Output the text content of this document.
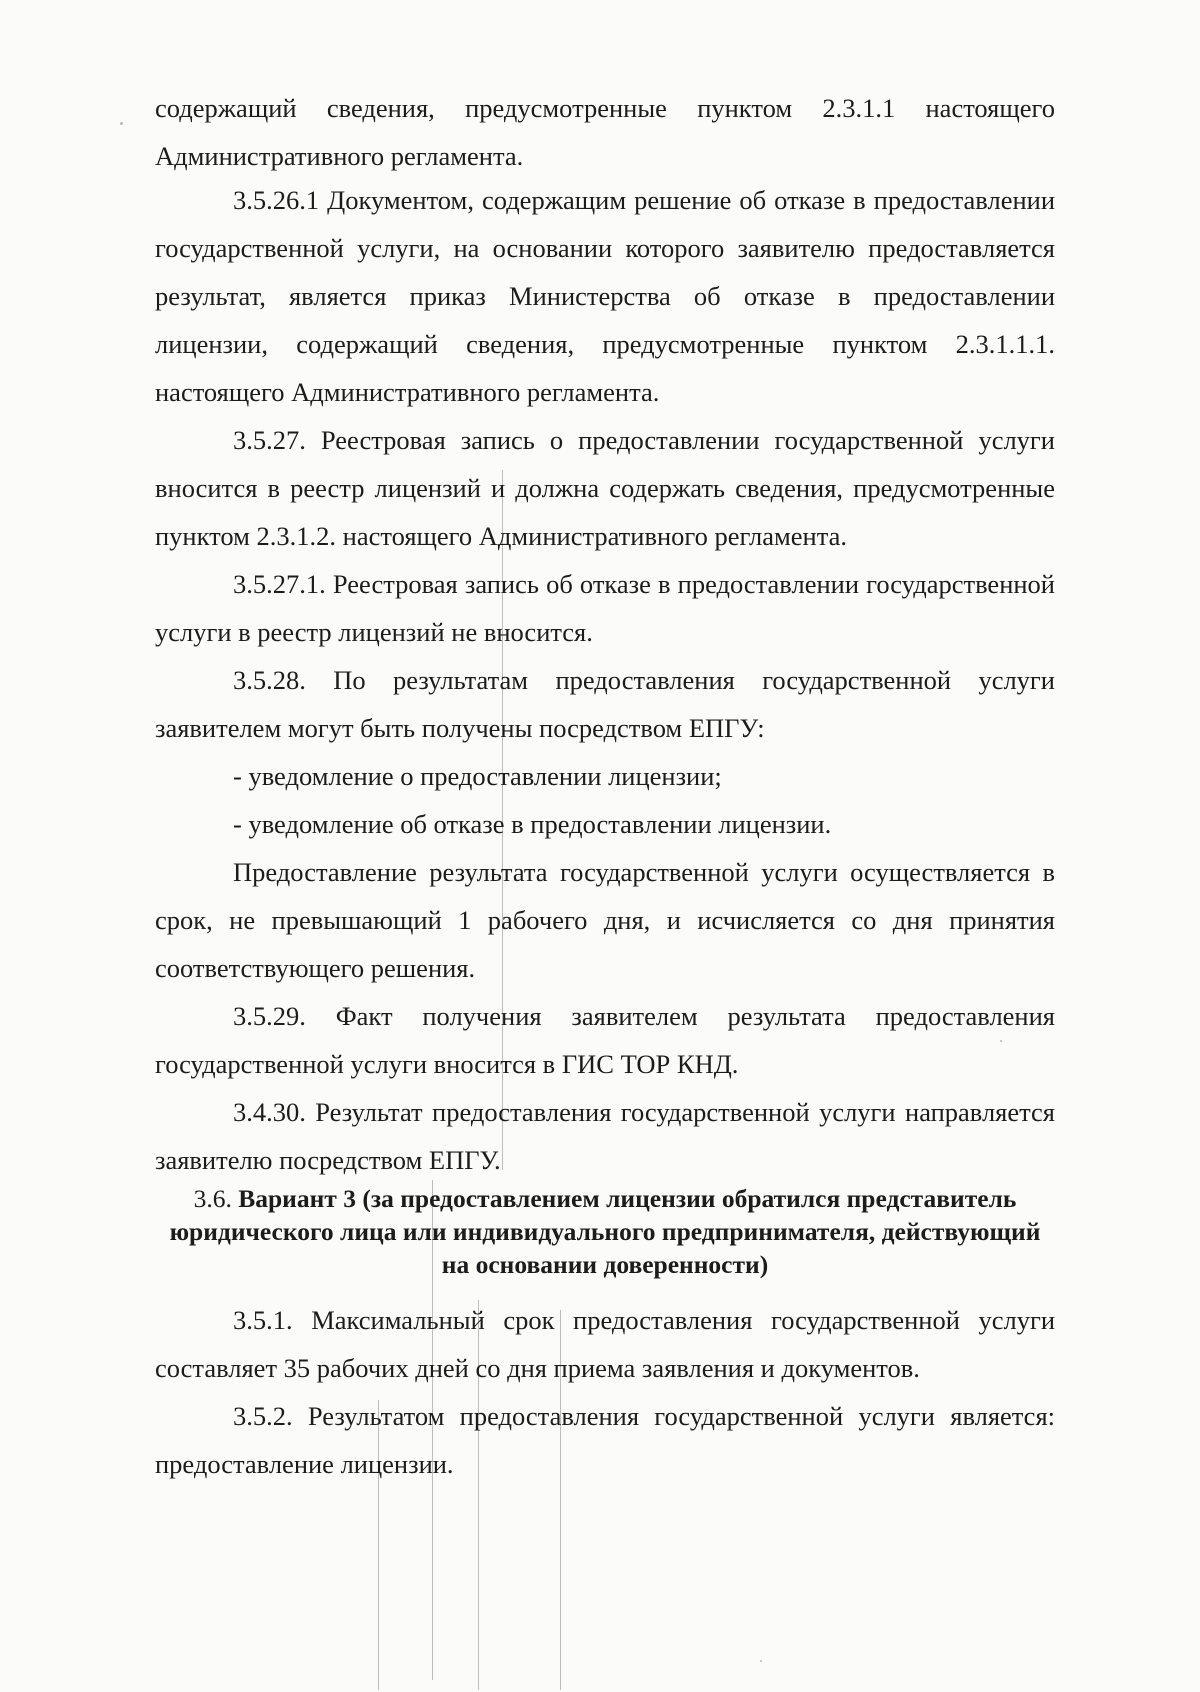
содержащий сведения, предусмотренные пунктом 2.3.1.1 настоящего Административного регламента.

3.5.26.1 Документом, содержащим решение об отказе в предоставлении государственной услуги, на основании которого заявителю предоставляется результат, является приказ Министерства об отказе в предоставлении лицензии, содержащий сведения, предусмотренные пунктом 2.3.1.1.1. настоящего Административного регламента.

3.5.27. Реестровая запись о предоставлении государственной услуги вносится в реестр лицензий и должна содержать сведения, предусмотренные пунктом 2.3.1.2. настоящего Административного регламента.

3.5.27.1. Реестровая запись об отказе в предоставлении государственной услуги в реестр лицензий не вносится.

3.5.28. По результатам предоставления государственной услуги заявителем могут быть получены посредством ЕПГУ:

- уведомление о предоставлении лицензии;

- уведомление об отказе в предоставлении лицензии.

Предоставление результата государственной услуги осуществляется в срок, не превышающий 1 рабочего дня, и исчисляется со дня принятия соответствующего решения.

3.5.29. Факт получения заявителем результата предоставления государственной услуги вносится в ГИС ТОР КНД.

3.4.30. Результат предоставления государственной услуги направляется заявителю посредством ЕПГУ.

3.6. Вариант 3 (за предоставлением лицензии обратился представитель юридического лица или индивидуального предпринимателя, действующий на основании доверенности)

3.5.1. Максимальный срок предоставления государственной услуги составляет 35 рабочих дней со дня приема заявления и документов.

3.5.2. Результатом предоставления государственной услуги является: предоставление лицензии.
